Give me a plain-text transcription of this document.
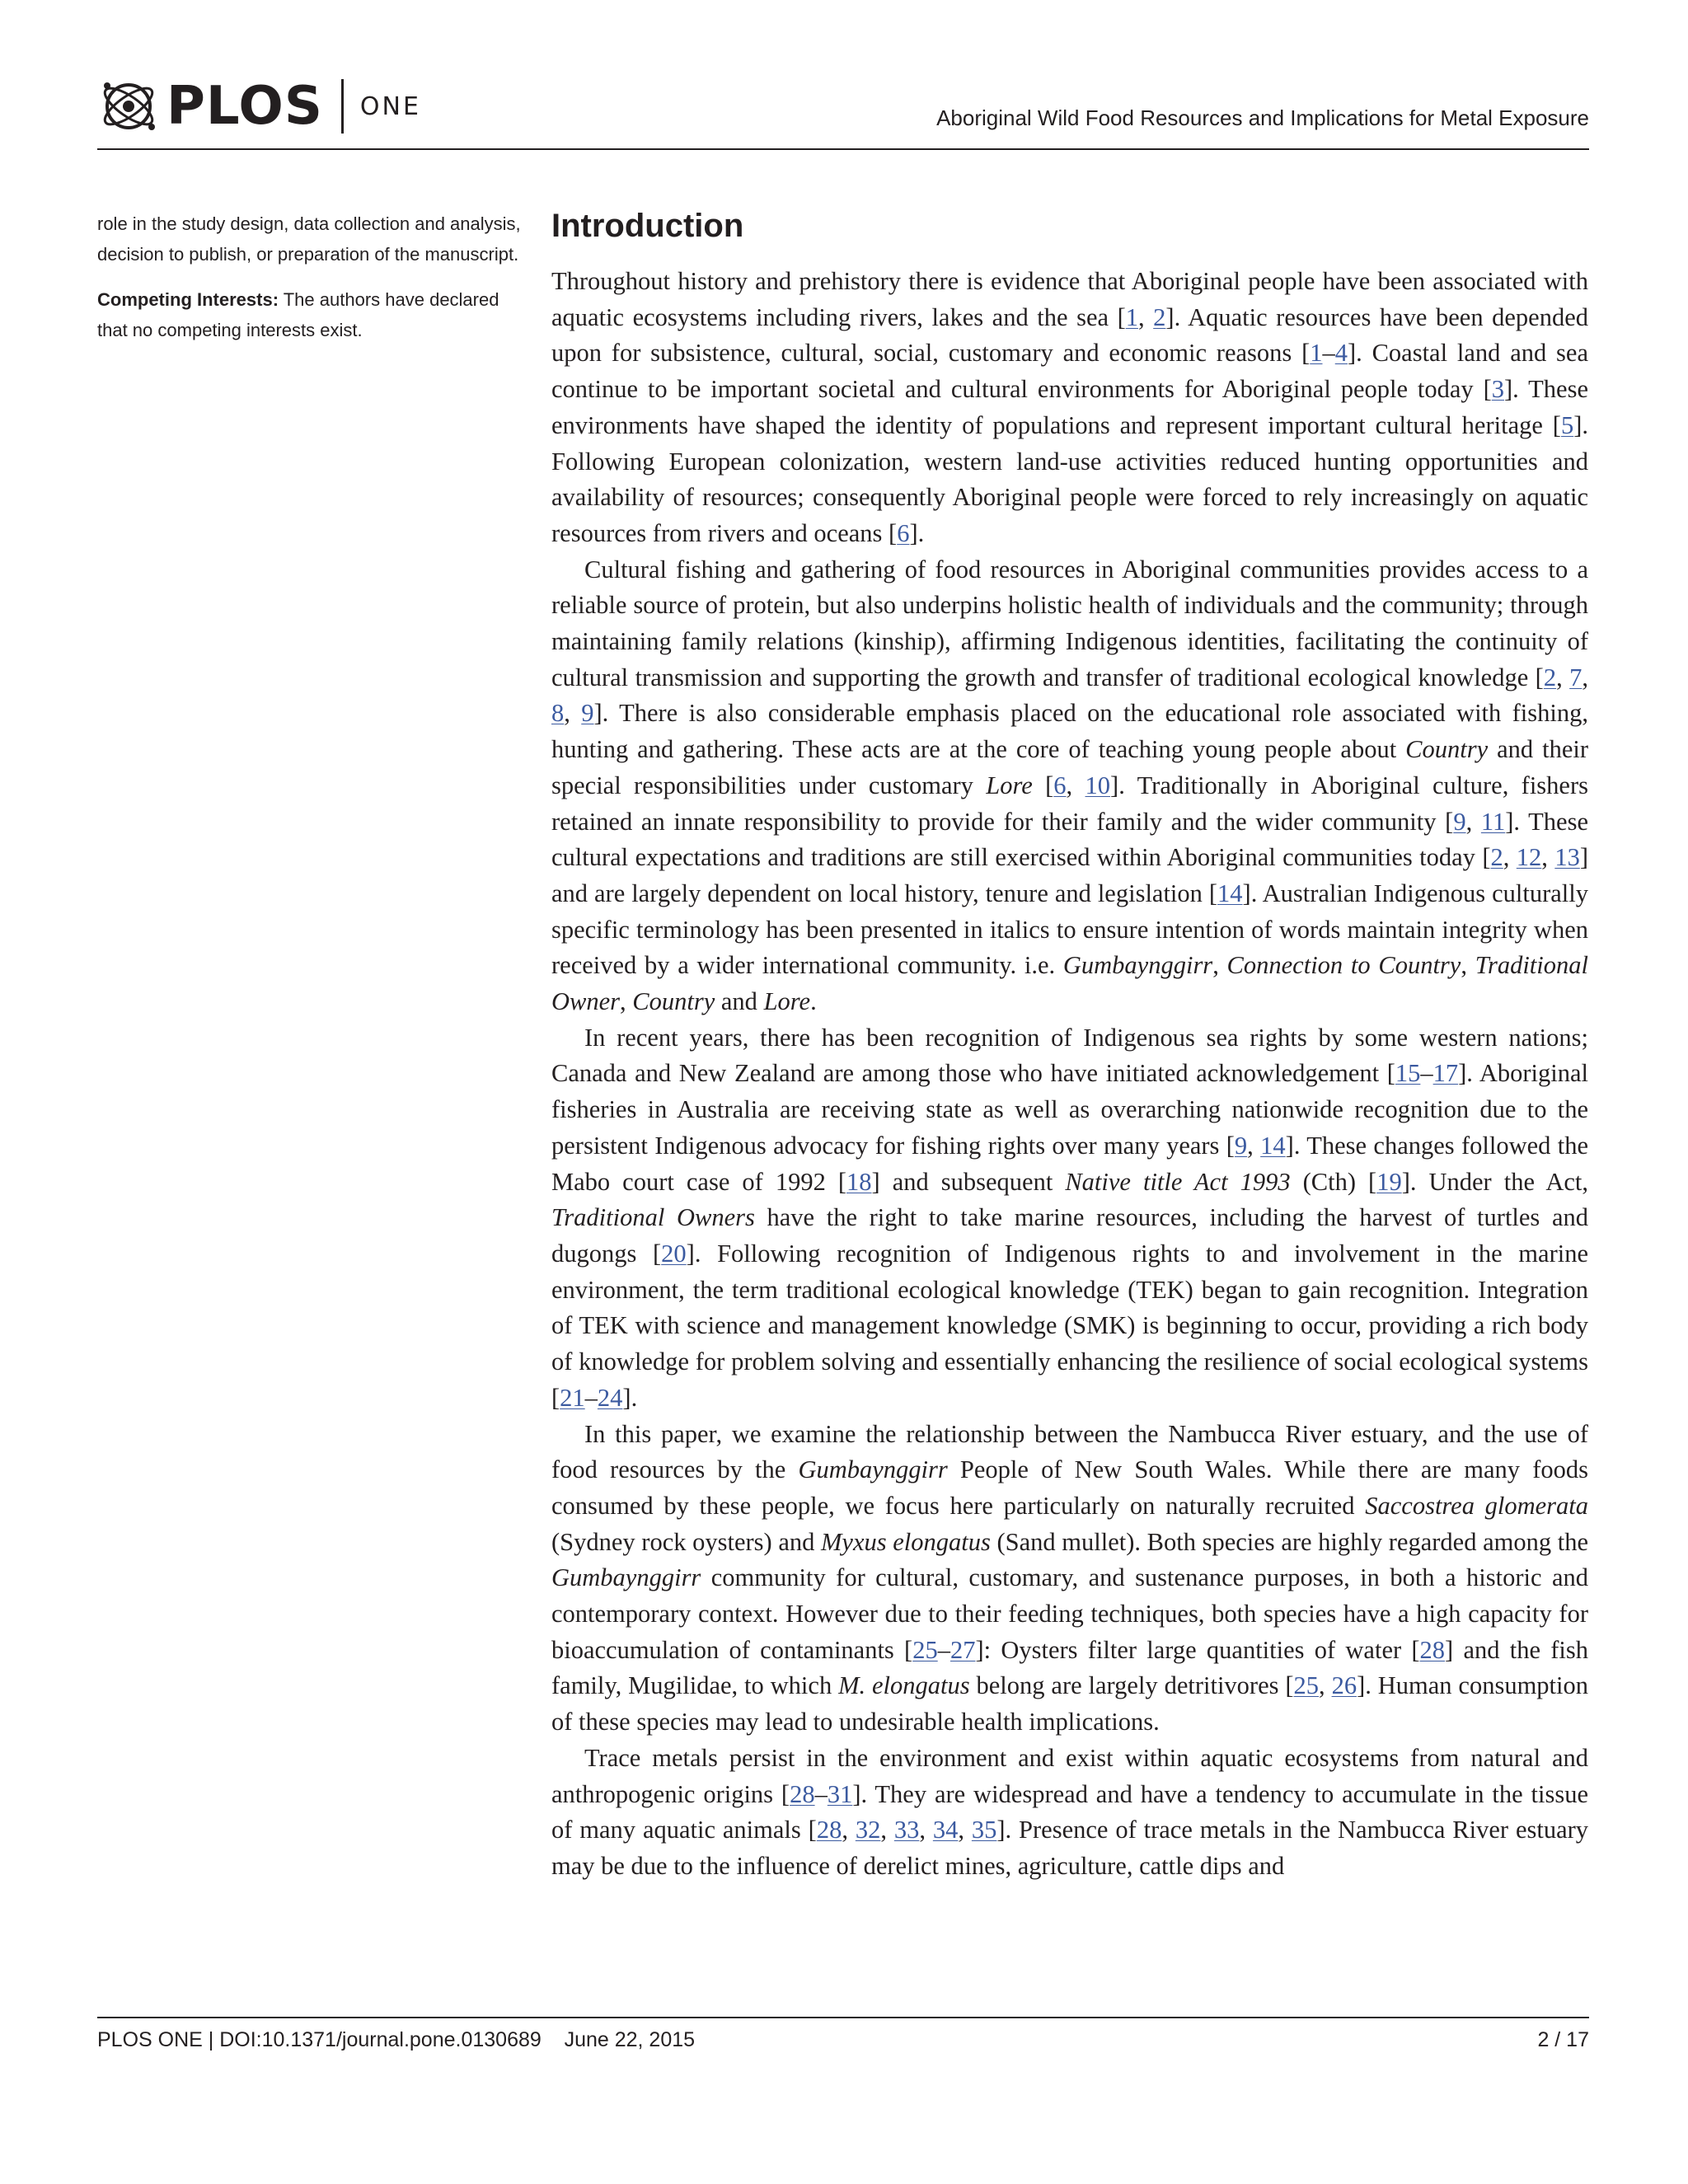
PLOS ONE	Aboriginal Wild Food Resources and Implications for Metal Exposure

role in the study design, data collection and analysis, decision to publish, or preparation of the manuscript.

Competing Interests: The authors have declared that no competing interests exist.

Introduction

Throughout history and prehistory there is evidence that Aboriginal people have been associated with aquatic ecosystems including rivers, lakes and the sea [1, 2]. Aquatic resources have been depended upon for subsistence, cultural, social, customary and economic reasons [1–4]. Coastal land and sea continue to be important societal and cultural environments for Aboriginal people today [3]. These environments have shaped the identity of populations and represent important cultural heritage [5]. Following European colonization, western land-use activities reduced hunting opportunities and availability of resources; consequently Aboriginal people were forced to rely increasingly on aquatic resources from rivers and oceans [6].

Cultural fishing and gathering of food resources in Aboriginal communities provides access to a reliable source of protein, but also underpins holistic health of individuals and the community; through maintaining family relations (kinship), affirming Indigenous identities, facilitating the continuity of cultural transmission and supporting the growth and transfer of traditional ecological knowledge [2, 7, 8, 9]. There is also considerable emphasis placed on the educational role associated with fishing, hunting and gathering. These acts are at the core of teaching young people about Country and their special responsibilities under customary Lore [6, 10]. Traditionally in Aboriginal culture, fishers retained an innate responsibility to provide for their family and the wider community [9, 11]. These cultural expectations and traditions are still exercised within Aboriginal communities today [2, 12, 13] and are largely dependent on local history, tenure and legislation [14]. Australian Indigenous culturally specific terminology has been presented in italics to ensure intention of words maintain integrity when received by a wider international community. i.e. Gumbaynggirr, Connection to Country, Traditional Owner, Country and Lore.

In recent years, there has been recognition of Indigenous sea rights by some western nations; Canada and New Zealand are among those who have initiated acknowledgement [15–17]. Aboriginal fisheries in Australia are receiving state as well as overarching nationwide recognition due to the persistent Indigenous advocacy for fishing rights over many years [9, 14]. These changes followed the Mabo court case of 1992 [18] and subsequent Native title Act 1993 (Cth) [19]. Under the Act, Traditional Owners have the right to take marine resources, including the harvest of turtles and dugongs [20]. Following recognition of Indigenous rights to and involvement in the marine environment, the term traditional ecological knowledge (TEK) began to gain recognition. Integration of TEK with science and management knowledge (SMK) is beginning to occur, providing a rich body of knowledge for problem solving and essentially enhancing the resilience of social ecological systems [21–24].

In this paper, we examine the relationship between the Nambucca River estuary, and the use of food resources by the Gumbaynggirr People of New South Wales. While there are many foods consumed by these people, we focus here particularly on naturally recruited Saccostrea glomerata (Sydney rock oysters) and Myxus elongatus (Sand mullet). Both species are highly regarded among the Gumbaynggirr community for cultural, customary, and sustenance purposes, in both a historic and contemporary context. However due to their feeding techniques, both species have a high capacity for bioaccumulation of contaminants [25–27]: Oysters filter large quantities of water [28] and the fish family, Mugilidae, to which M. elongatus belong are largely detritivores [25, 26]. Human consumption of these species may lead to undesirable health implications.

Trace metals persist in the environment and exist within aquatic ecosystems from natural and anthropogenic origins [28–31]. They are widespread and have a tendency to accumulate in the tissue of many aquatic animals [28, 32, 33, 34, 35]. Presence of trace metals in the Nambucca River estuary may be due to the influence of derelict mines, agriculture, cattle dips and

PLOS ONE | DOI:10.1371/journal.pone.0130689    June 22, 2015	2 / 17
